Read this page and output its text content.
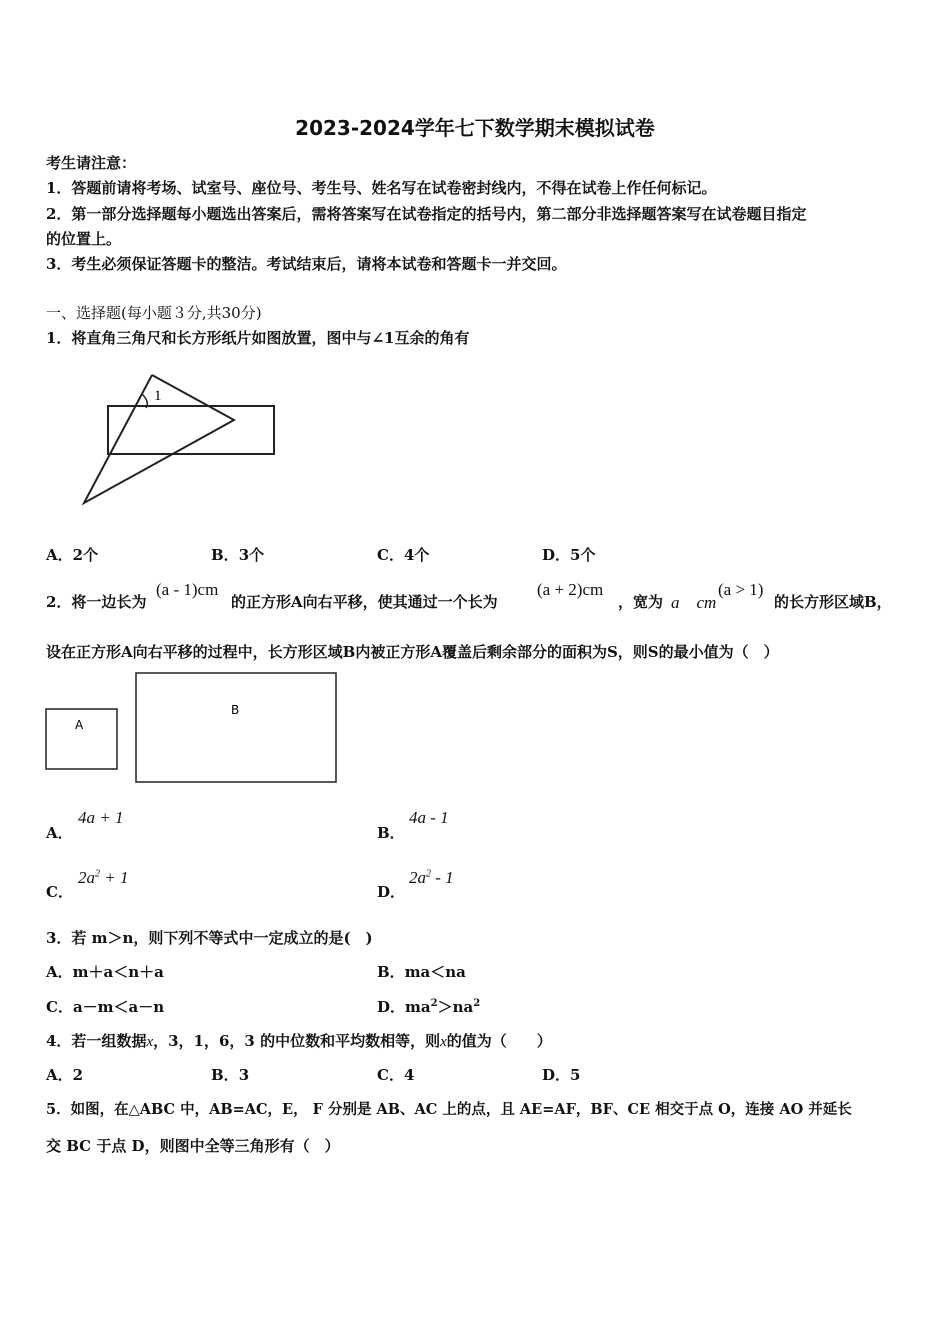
2023-2024学年七下数学期末模拟试卷
考生请注意：
1．答题前请将考场、试室号、座位号、考生号、姓名写在试卷密封线内，不得在试卷上作任何标记。
2．第一部分选择题每小题选出答案后，需将答案写在试卷指定的括号内，第二部分非选择题答案写在试卷题目指定
的位置上。
3．考生必须保证答题卡的整洁。考试结束后，请将本试卷和答题卡一并交回。
一、选择题(每小题３分,共30分)
1．将直角三角尺和长方形纸片如图放置，图中与∠1互余的角有
1
A．2个	B．3个	C．4个	D．5个
2．将一边长为
(a - 1)cm
的正方形A向右平移，使其通过一个长为
(a + 2)cm
，宽为 a　cm
(a > 1)
的长方形区域B，
设在正方形A向右平移的过程中，长方形区域B内被正方形A覆盖后剩余部分的面积为S，则S的最小值为（　）
A
B
A．
4a + 1
B．
4a - 1
C．
$2a^2 + 1$
D．
$2a^2 - 1$
3．若 m＞n，则下列不等式中一定成立的是(　)
A．m＋a＜n＋a	B．ma＜na
C．a－m＜a－n	D．$ma^2>na^2$
4．若一组数据x，3，1，6，3 的中位数和平均数相等，则x的值为（　　）
A．2	B．3	C．4	D．5
5．如图，在△ABC 中，AB=AC，E， F 分别是 AB、AC 上的点，且 AE=AF，BF、CE 相交于点 O，连接 AO 并延长
交 BC 于点 D，则图中全等三角形有（　）
